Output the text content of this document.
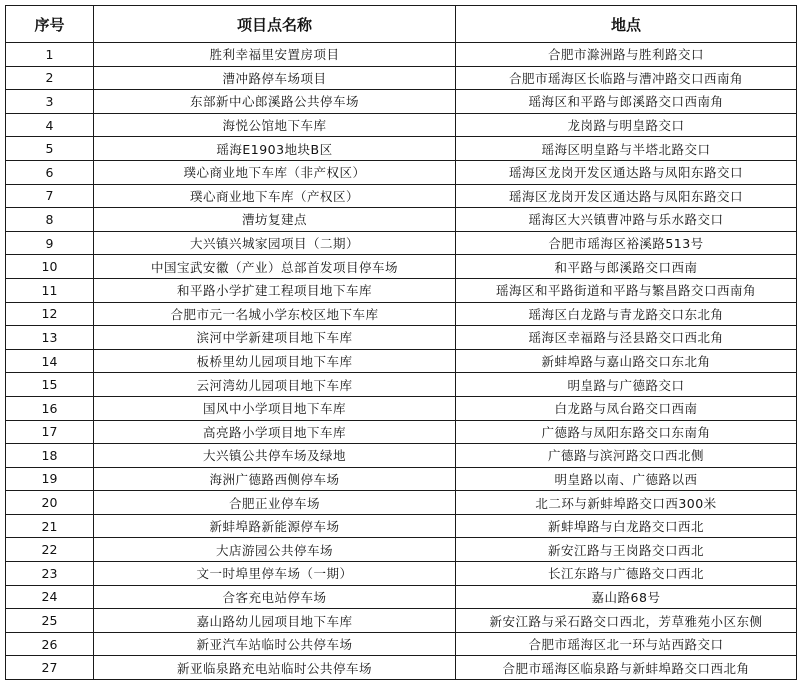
序号	项目点名称	地点
1	胜利幸福里安置房项目	合肥市滁洲路与胜利路交口
2	漕冲路停车场项目	合肥市瑶海区长临路与漕冲路交口西南角
3	东部新中心郎溪路公共停车场	瑶海区和平路与郎溪路交口西南角
4	海悦公馆地下车库	龙岗路与明皇路交口
5	瑶海E1903地块B区	瑶海区明皇路与半塔北路交口
6	璞心商业地下车库（非产权区）	瑶海区龙岗开发区通达路与凤阳东路交口
7	璞心商业地下车库（产权区）	瑶海区龙岗开发区通达路与凤阳东路交口
8	漕坊复建点	瑶海区大兴镇曹冲路与乐水路交口
9	大兴镇兴城家园项目（二期）	合肥市瑶海区裕溪路513号
10	中国宝武安徽（产业）总部首发项目停车场	和平路与郎溪路交口西南
11	和平路小学扩建工程项目地下车库	瑶海区和平路街道和平路与繁昌路交口西南角
12	合肥市元一名城小学东校区地下车库	瑶海区白龙路与青龙路交口东北角
13	滨河中学新建项目地下车库	瑶海区幸福路与泾县路交口西北角
14	板桥里幼儿园项目地下车库	新蚌埠路与嘉山路交口东北角
15	云河湾幼儿园项目地下车库	明皇路与广德路交口
16	国风中小学项目地下车库	白龙路与凤台路交口西南
17	高亮路小学项目地下车库	广德路与凤阳东路交口东南角
18	大兴镇公共停车场及绿地	广德路与滨河路交口西北侧
19	海洲广德路西侧停车场	明皇路以南、广德路以西
20	合肥正业停车场	北二环与新蚌埠路交口西300米
21	新蚌埠路新能源停车场	新蚌埠路与白龙路交口西北
22	大店游园公共停车场	新安江路与王岗路交口西北
23	文一时埠里停车场（一期）	长江东路与广德路交口西北
24	合客充电站停车场	嘉山路68号
25	嘉山路幼儿园项目地下车库	新安江路与采石路交口西北，芳草雅苑小区东侧
26	新亚汽车站临时公共停车场	合肥市瑶海区北一环与站西路交口
27	新亚临泉路充电站临时公共停车场	合肥市瑶海区临泉路与新蚌埠路交口西北角
